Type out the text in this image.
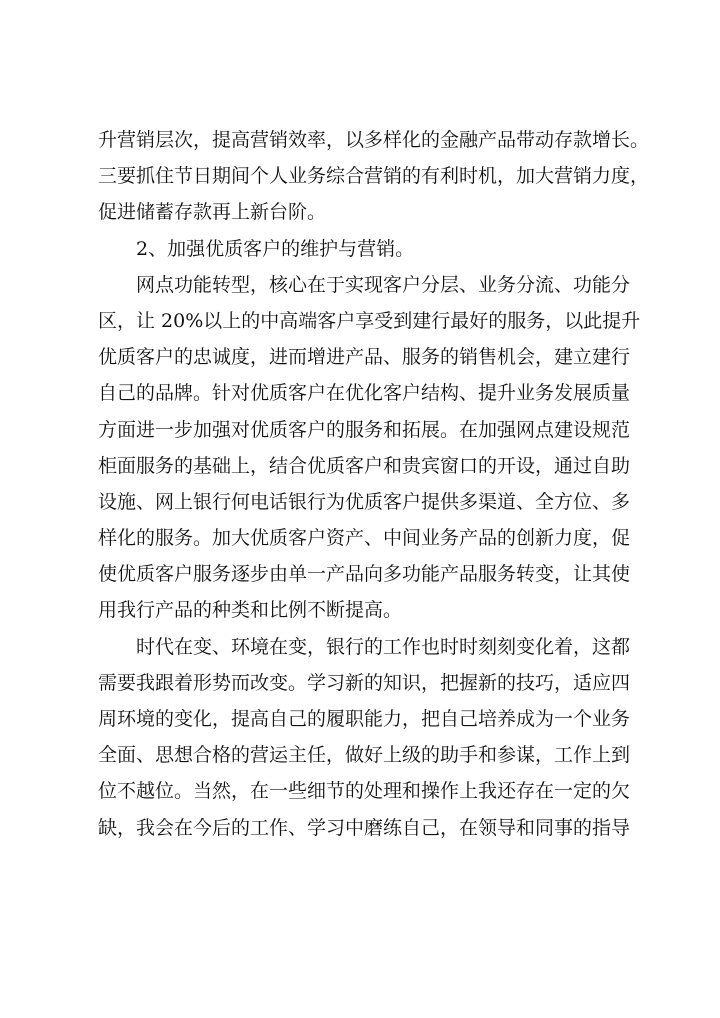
升营销层次，提高营销效率，以多样化的金融产品带动存款增长。
三要抓住节日期间个人业务综合营销的有利时机，加大营销力度，
促进储蓄存款再上新台阶。
2、加强优质客户的维护与营销。
网点功能转型，核心在于实现客户分层、业务分流、功能分
区，让 20%以上的中高端客户享受到建行最好的服务，以此提升
优质客户的忠诚度，进而增进产品、服务的销售机会，建立建行
自己的品牌。针对优质客户在优化客户结构、提升业务发展质量
方面进一步加强对优质客户的服务和拓展。在加强网点建设规范
柜面服务的基础上，结合优质客户和贵宾窗口的开设，通过自助
设施、网上银行何电话银行为优质客户提供多渠道、全方位、多
样化的服务。加大优质客户资产、中间业务产品的创新力度，促
使优质客户服务逐步由单一产品向多功能产品服务转变，让其使
用我行产品的种类和比例不断提高。
时代在变、环境在变，银行的工作也时时刻刻变化着，这都
需要我跟着形势而改变。学习新的知识，把握新的技巧，适应四
周环境的变化，提高自己的履职能力，把自己培养成为一个业务
全面、思想合格的营运主任，做好上级的助手和参谋，工作上到
位不越位。当然，在一些细节的处理和操作上我还存在一定的欠
缺，我会在今后的工作、学习中磨练自己，在领导和同事的指导
